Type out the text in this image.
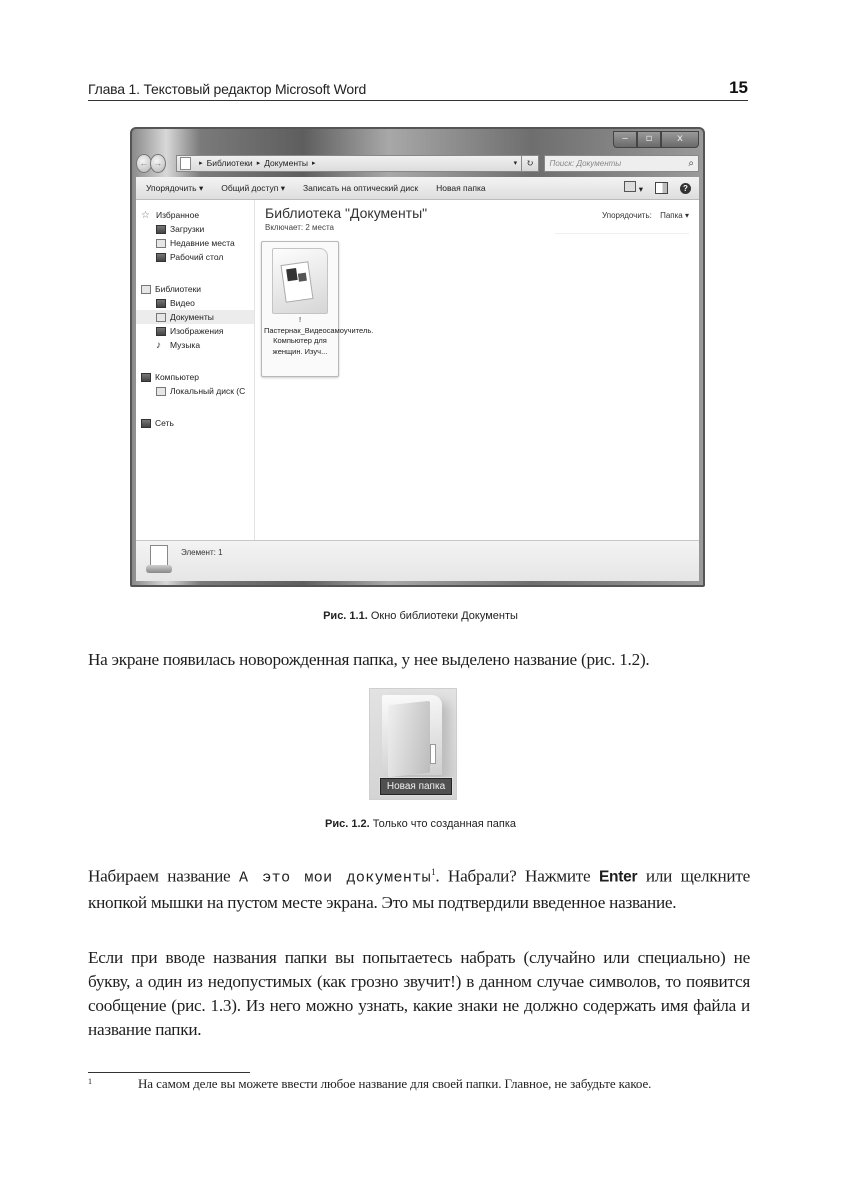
Глава 1. Текстовый редактор Microsoft Word	15
‒	▫	x
← → ▾	▸ Библиотеки ▸ Документы ▸	▾ ↻	Поиск: Документы	⌕
Упорядочить ▾ Общий доступ ▾ Записать на оптический диск Новая папка	▾	?
☆ Избранное
Загрузки
Недавние места
Рабочий стол
Библиотеки
Видео
Документы
Изображения
♪	Музыка
Компьютер
Локальный диск (С
Сеть
Библиотека "Документы"
Включает: 2 места
Упорядочить: Папка ▾
!Пастернак_Видеосамоучитель. Компьютер для женщин. Изуч...
Элемент: 1
Рис. 1.1. Окно библиотеки Документы
На экране появилась новорожденная папка, у нее выделено название (рис. 1.2).
Новая папка
Рис. 1.2. Только что созданная папка
Набираем название А это мои документы$^1$. Набрали? Нажмите Enter или щелкните кнопкой мышки на пустом месте экрана. Это мы подтвердили введенное название.
Если при вводе названия папки вы попытаетесь набрать (случайно или специально) не букву, а один из недопустимых (как грозно звучит!) в данном случае символов, то появится сообщение (рис. 1.3). Из него можно узнать, какие знаки не должно содержать имя файла и название папки.
1	На самом деле вы можете ввести любое название для своей папки. Главное, не забудьте какое.
